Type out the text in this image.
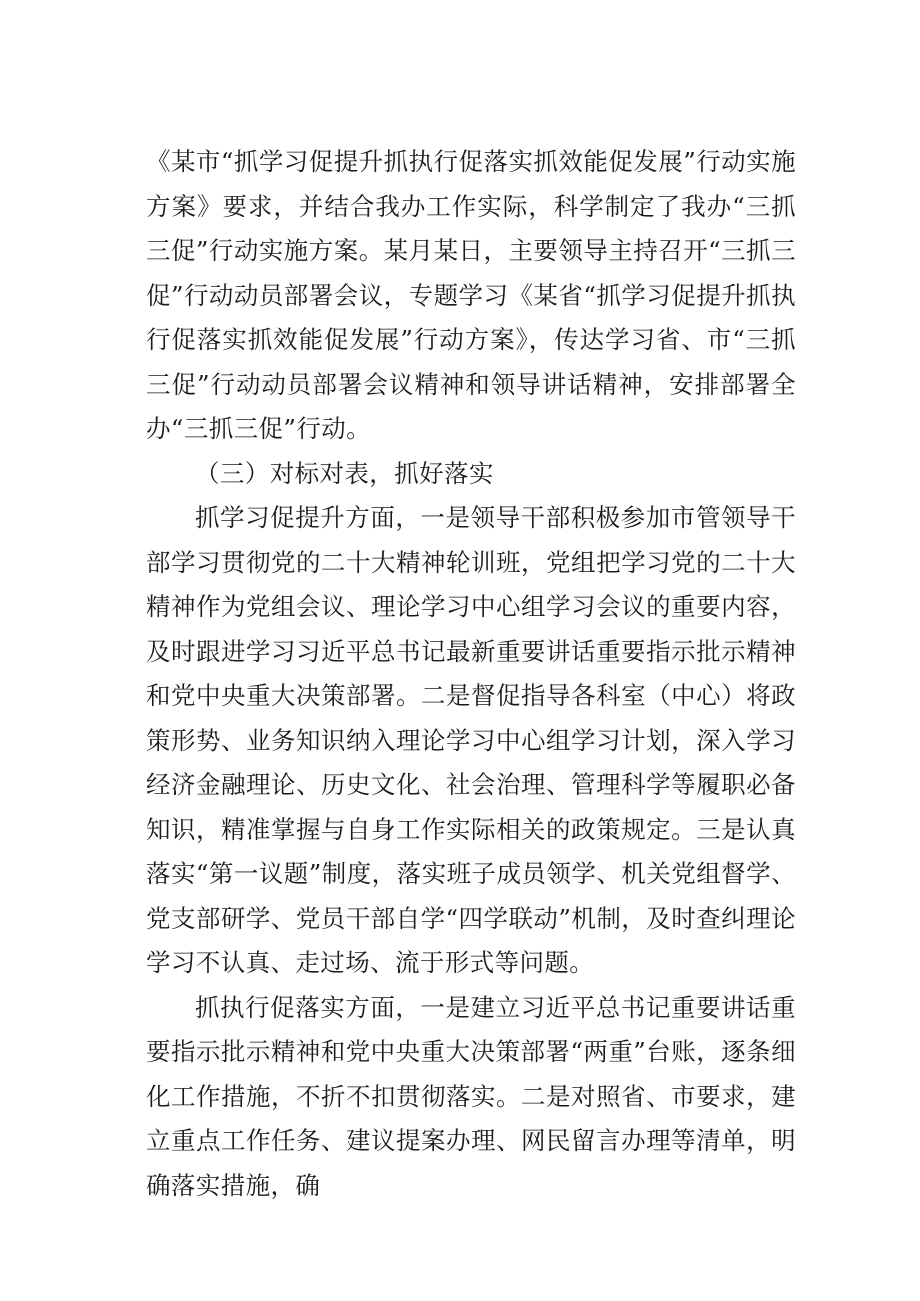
《某市“抓学习促提升抓执行促落实抓效能促发展”行动实施方案》要求，并结合我办工作实际，科学制定了我办“三抓三促”行动实施方案。某月某日，主要领导主持召开“三抓三促”行动动员部署会议，专题学习《某省“抓学习促提升抓执行促落实抓效能促发展”行动方案》，传达学习省、市“三抓三促”行动动员部署会议精神和领导讲话精神，安排部署全办“三抓三促”行动。

（三）对标对表，抓好落实

抓学习促提升方面，一是领导干部积极参加市管领导干部学习贯彻党的二十大精神轮训班，党组把学习党的二十大精神作为党组会议、理论学习中心组学习会议的重要内容，及时跟进学习习近平总书记最新重要讲话重要指示批示精神和党中央重大决策部署。二是督促指导各科室（中心）将政策形势、业务知识纳入理论学习中心组学习计划，深入学习经济金融理论、历史文化、社会治理、管理科学等履职必备知识，精准掌握与自身工作实际相关的政策规定。三是认真落实“第一议题”制度，落实班子成员领学、机关党组督学、党支部研学、党员干部自学“四学联动”机制，及时查纠理论学习不认真、走过场、流于形式等问题。

抓执行促落实方面，一是建立习近平总书记重要讲话重要指示批示精神和党中央重大决策部署“两重”台账，逐条细化工作措施，不折不扣贯彻落实。二是对照省、市要求，建立重点工作任务、建议提案办理、网民留言办理等清单，明确落实措施，确
